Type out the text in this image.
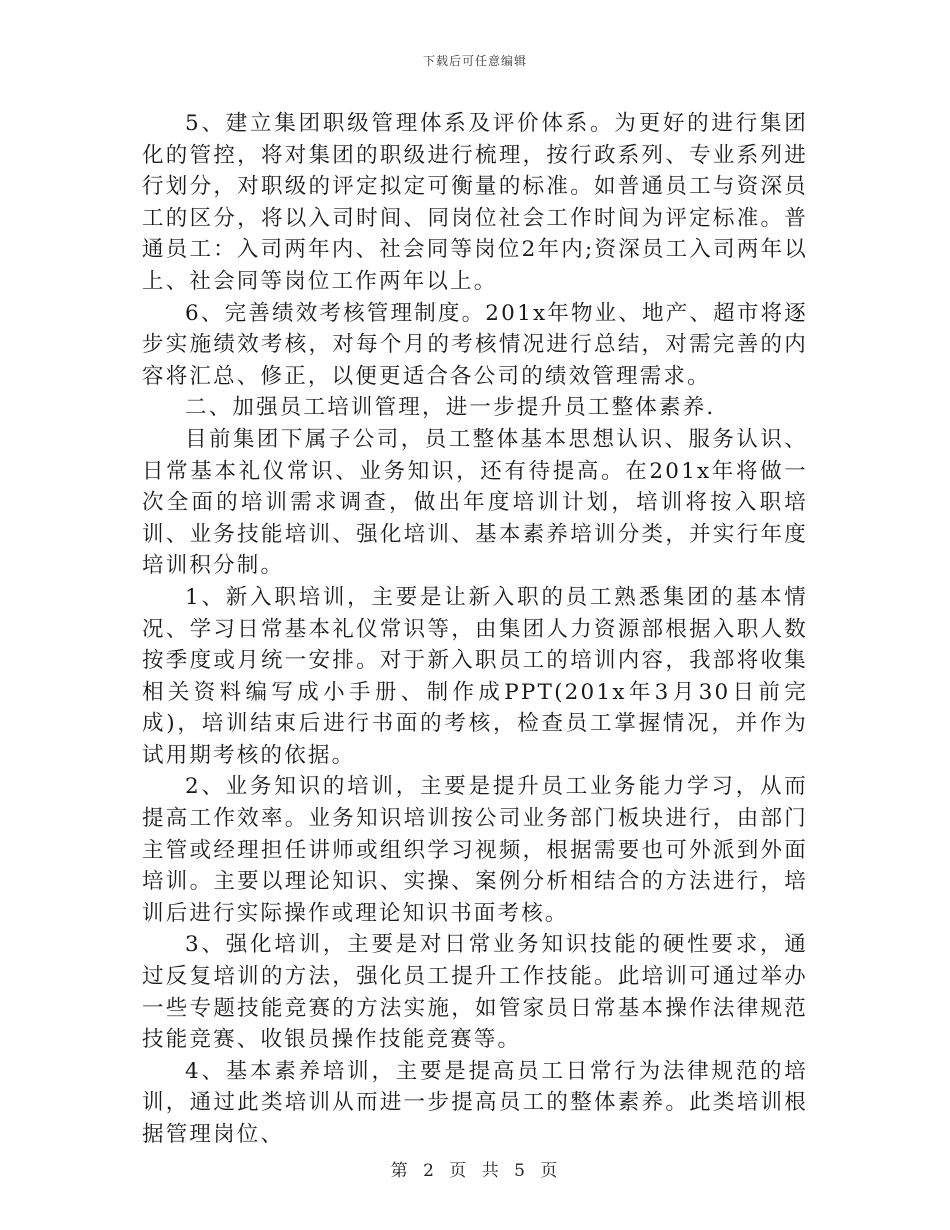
下载后可任意编辑

5、建立集团职级管理体系及评价体系。为更好的进行集团化的管控，将对集团的职级进行梳理，按行政系列、专业系列进行划分，对职级的评定拟定可衡量的标准。如普通员工与资深员工的区分，将以入司时间、同岗位社会工作时间为评定标准。普通员工：入司两年内、社会同等岗位2年内;资深员工入司两年以上、社会同等岗位工作两年以上。

6、完善绩效考核管理制度。201x年物业、地产、超市将逐步实施绩效考核，对每个月的考核情况进行总结，对需完善的内容将汇总、修正，以便更适合各公司的绩效管理需求。

二、加强员工培训管理，进一步提升员工整体素养.

目前集团下属子公司，员工整体基本思想认识、服务认识、日常基本礼仪常识、业务知识，还有待提高。在201x年将做一次全面的培训需求调查，做出年度培训计划，培训将按入职培训、业务技能培训、强化培训、基本素养培训分类，并实行年度培训积分制。

1、新入职培训，主要是让新入职的员工熟悉集团的基本情况、学习日常基本礼仪常识等，由集团人力资源部根据入职人数按季度或月统一安排。对于新入职员工的培训内容，我部将收集相关资料编写成小手册、制作成PPT(201x年3月30日前完成)，培训结束后进行书面的考核，检查员工掌握情况，并作为试用期考核的依据。

2、业务知识的培训，主要是提升员工业务能力学习，从而提高工作效率。业务知识培训按公司业务部门板块进行，由部门主管或经理担任讲师或组织学习视频，根据需要也可外派到外面培训。主要以理论知识、实操、案例分析相结合的方法进行，培训后进行实际操作或理论知识书面考核。

3、强化培训，主要是对日常业务知识技能的硬性要求，通过反复培训的方法，强化员工提升工作技能。此培训可通过举办一些专题技能竞赛的方法实施，如管家员日常基本操作法律规范技能竞赛、收银员操作技能竞赛等。

4、基本素养培训，主要是提高员工日常行为法律规范的培训，通过此类培训从而进一步提高员工的整体素养。此类培训根据管理岗位、

第 2 页 共 5 页
